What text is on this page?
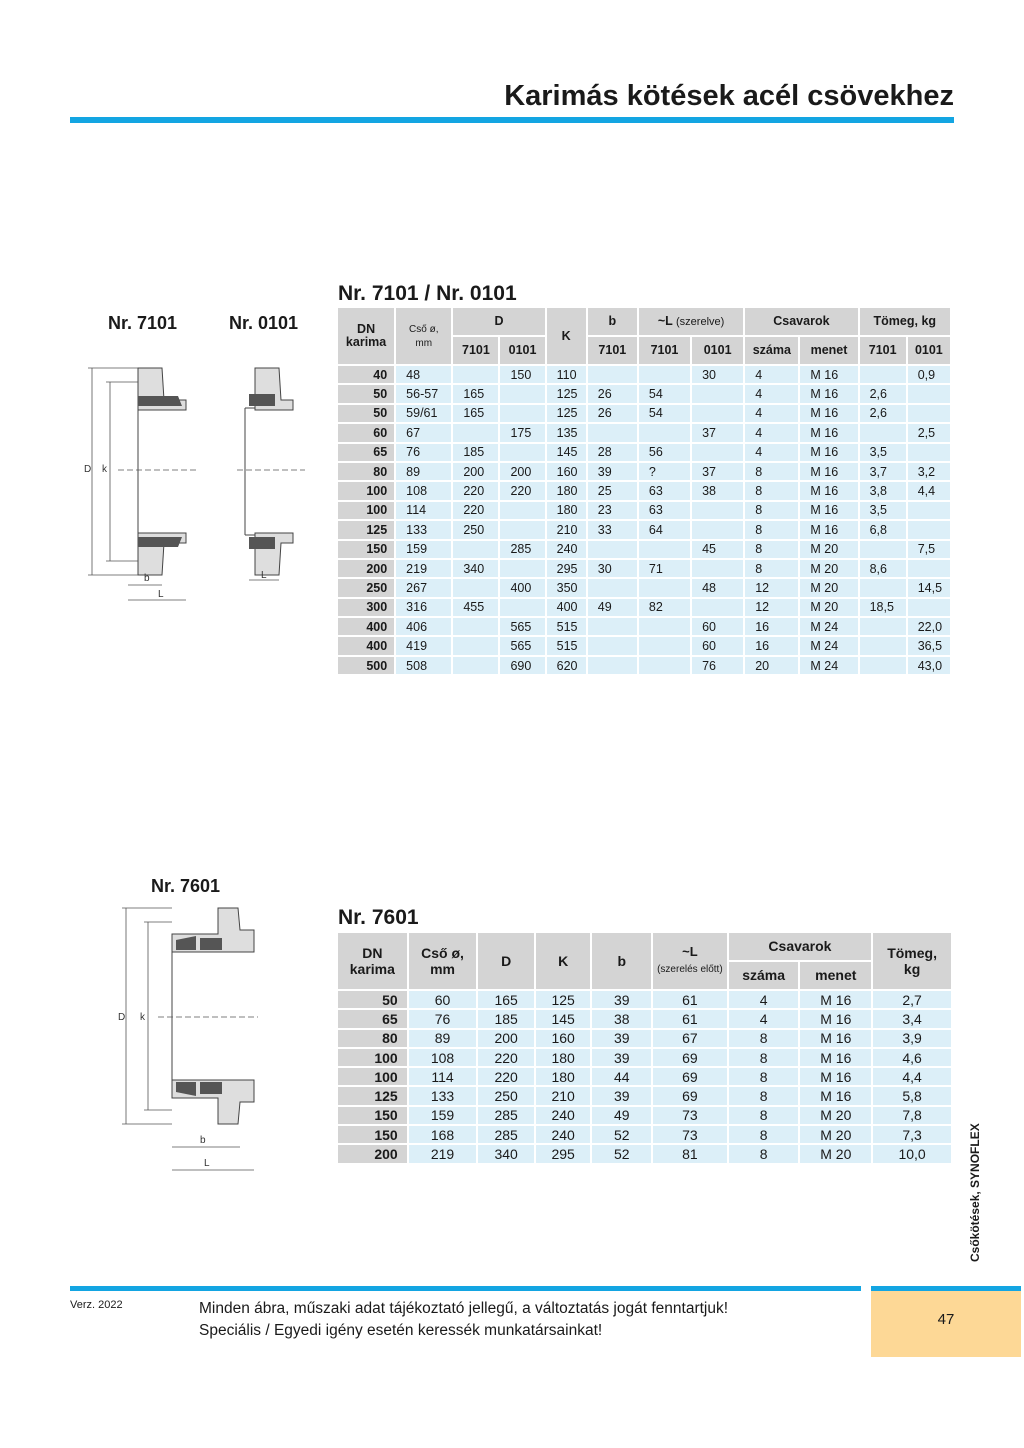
Karimás kötések acél csövekhez
Nr. 7101	Nr. 0101
Nr. 7101 / Nr. 0101
D k
b
L
L
DN
karima	Cső ø,
mm	D		K	b	~L (szerelve)		Csavarok		Tömeg, kg	
		7101	0101		7101	7101	0101	száma	menet	7101	0101
40	48		150	110			30	4	M 16		0,9
50	56-57	165		125	26	54		4	M 16	2,6	
50	59/61	165		125	26	54		4	M 16	2,6	
60	67		175	135			37	4	M 16		2,5
65	76	185		145	28	56		4	M 16	3,5	
80	89	200	200	160	39	?	37	8	M 16	3,7	3,2
100	108	220	220	180	25	63	38	8	M 16	3,8	4,4
100	114	220		180	23	63		8	M 16	3,5	
125	133	250		210	33	64		8	M 16	6,8	
150	159		285	240			45	8	M 20		7,5
200	219	340		295	30	71		8	M 20	8,6	
250	267		400	350			48	12	M 20		14,5
300	316	455		400	49	82		12	M 20	18,5	
400	406		565	515			60	16	M 24		22,0
400	419		565	515			60	16	M 24		36,5
500	508		690	620			76	20	M 24		43,0
Nr. 7601
Nr. 7601
D k
b
L
DN
karima	Cső ø,
mm	D	K	b	~L
(szerelés előtt)	Csavarok		Tömeg,
kg
						száma	menet	
50	60	165	125	39	61	4	M 16	2,7
65	76	185	145	38	61	4	M 16	3,4
80	89	200	160	39	67	8	M 16	3,9
100	108	220	180	39	69	8	M 16	4,6
100	114	220	180	44	69	8	M 16	4,4
125	133	250	210	39	69	8	M 16	5,8
150	159	285	240	49	73	8	M 20	7,8
150	168	285	240	52	73	8	M 20	7,3
200	219	340	295	52	81	8	M 20	10,0	Csőkötések, SYNOFLEX
47
Verz. 2022	Minden ábra, műszaki adat tájékoztató jellegű, a változtatás jogát fenntartjuk!
Speciális / Egyedi igény esetén keressék munkatársainkat!
